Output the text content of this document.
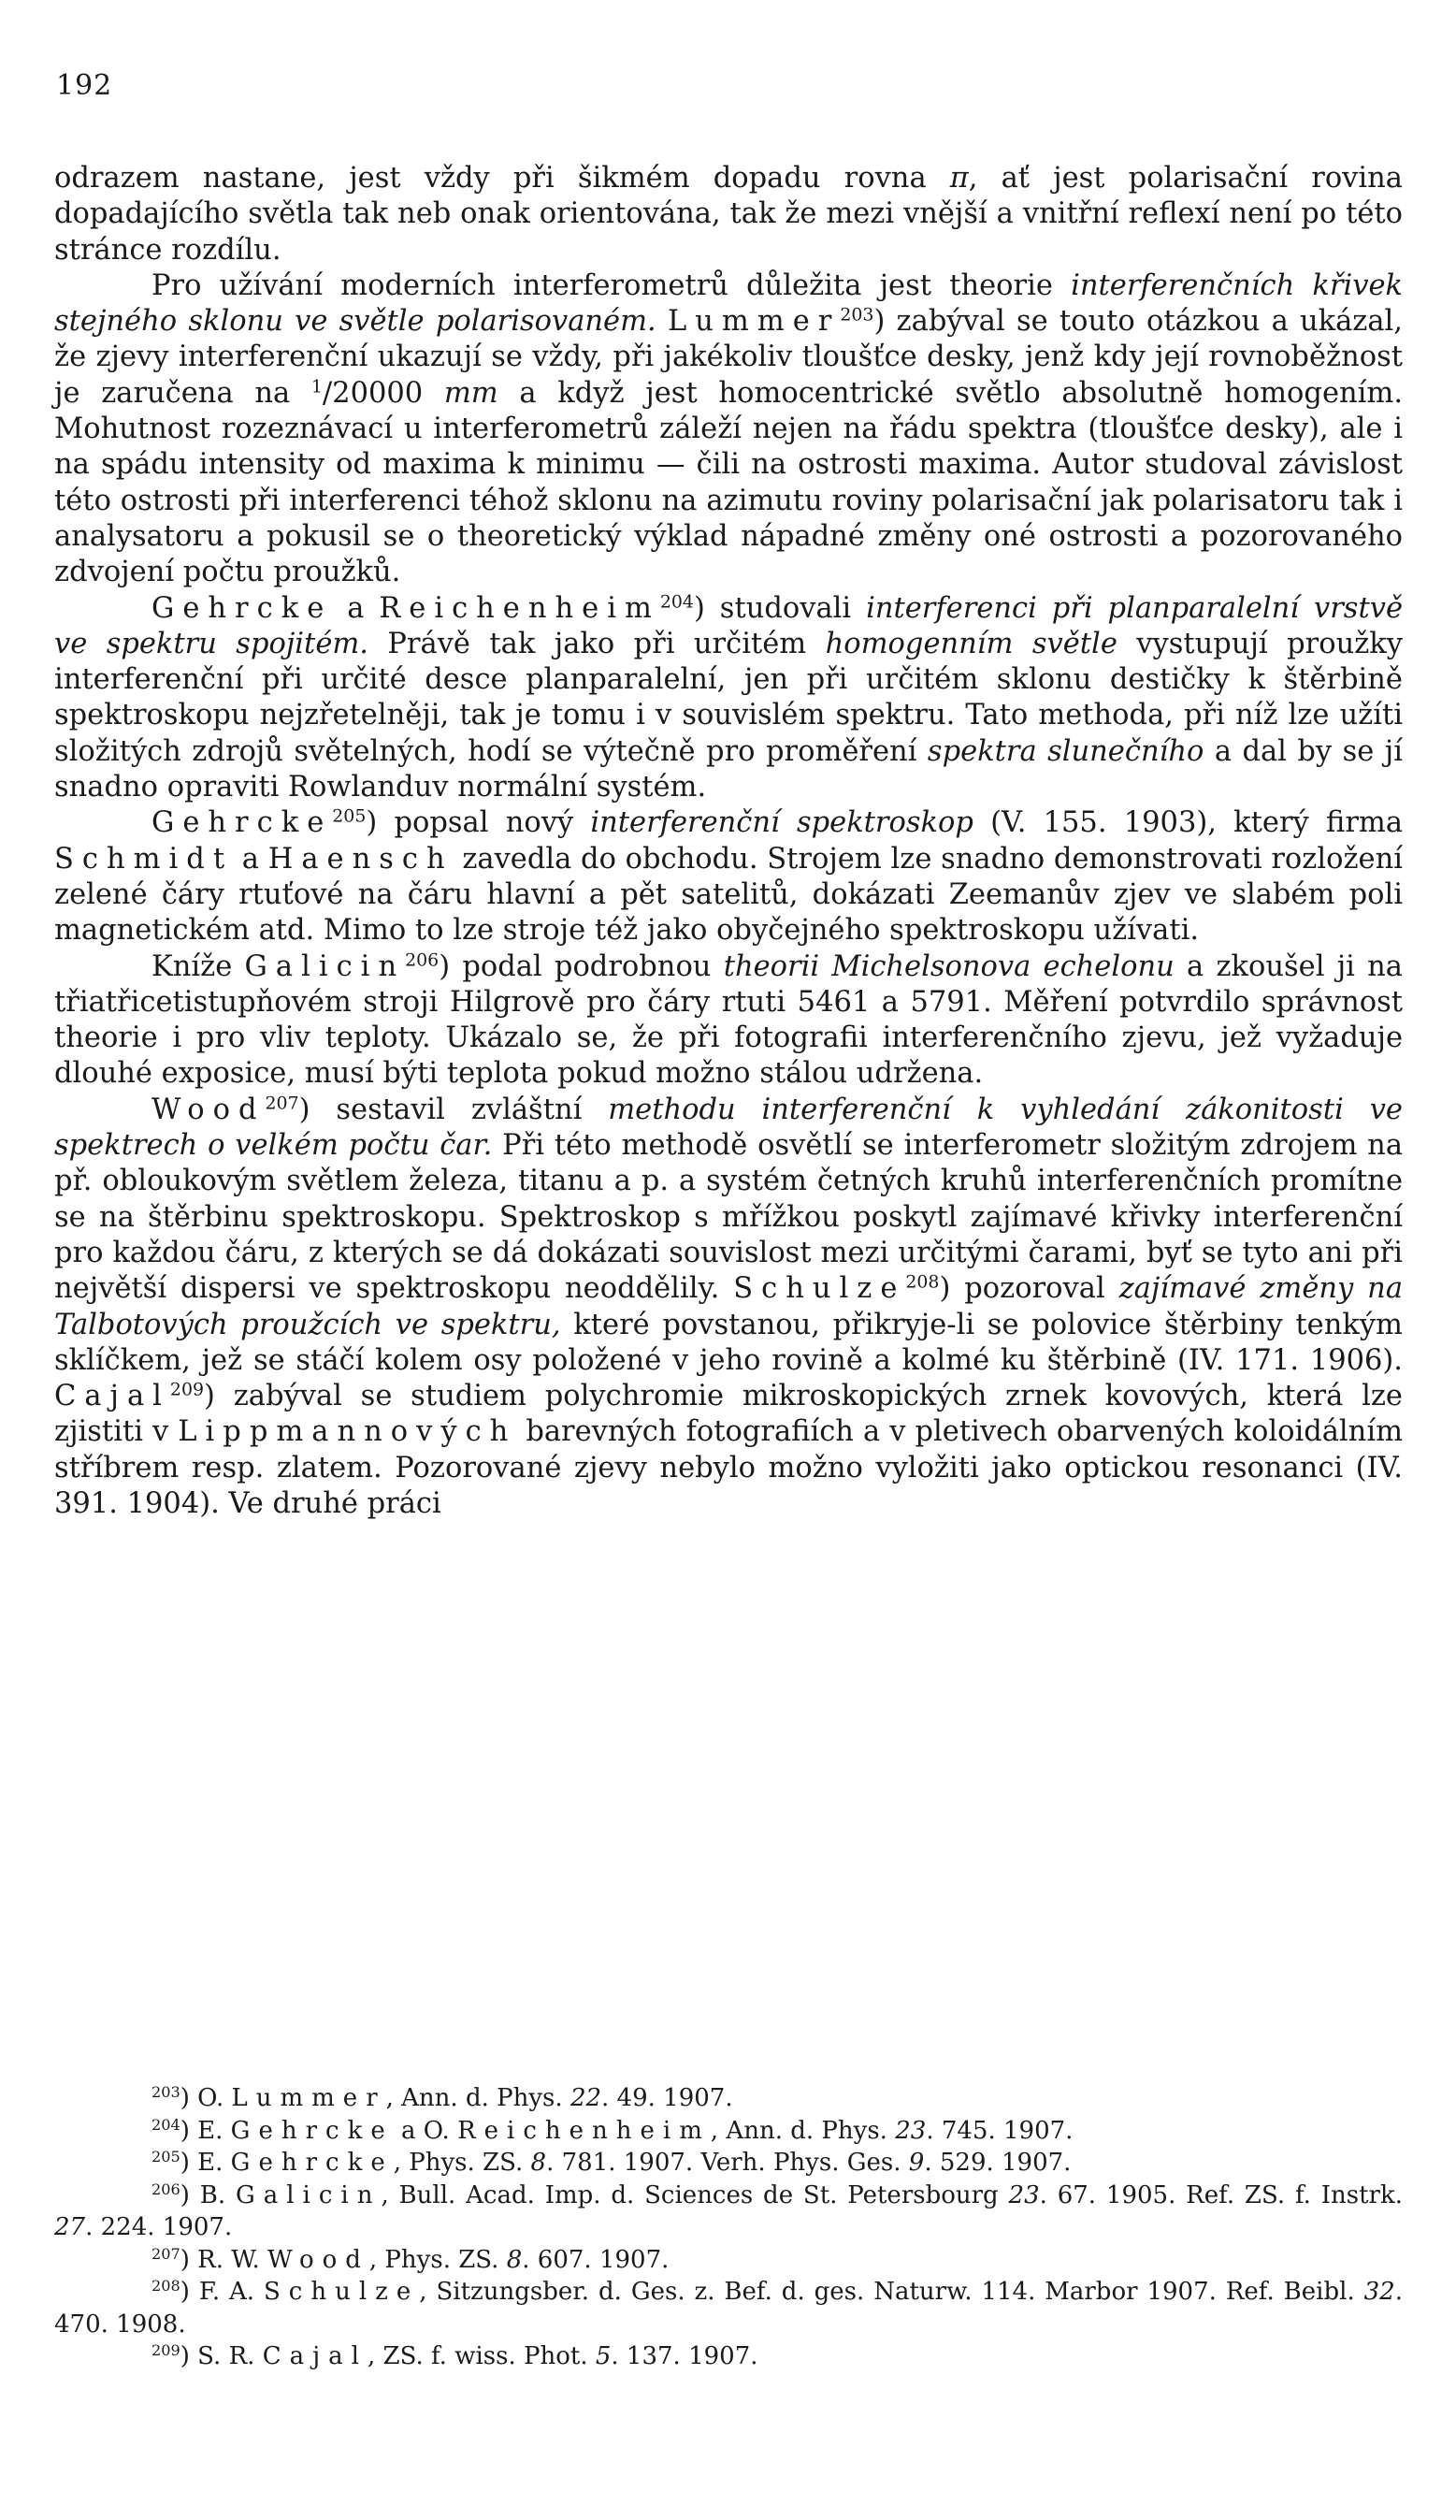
192

odrazem nastane, jest vždy při šikmém dopadu rovna π, ať jest polarisační rovina dopadajícího světla tak neb onak orientována, tak že mezi vnější a vnitřní reflexí není po této stránce rozdílu.

Pro užívání moderních interferometrů důležita jest theorie interferenčních křivek stejného sklonu ve světle polarisovaném. Lummer$^{203}$) zabýval se touto otázkou a ukázal, že zjevy interferenční ukazují se vždy, při jakékoliv tloušťce desky, jenž kdy její rovnoběžnost je zaručena na $^1$/20000 mm a když jest homocentrické světlo absolutně homogením. Mohutnost rozeznávací u interferometrů záleží nejen na řádu spektra (tloušťce desky), ale i na spádu intensity od maxima k minimu — čili na ostrosti maxima. Autor studoval závislost této ostrosti při interferenci téhož sklonu na azimutu roviny polarisační jak polarisatoru tak i analysatoru a pokusil se o theoretický výklad nápadné změny oné ostrosti a pozorovaného zdvojení počtu proužků.

Gehrcke a Reichenheim$^{204}$) studovali interferenci při planparalelní vrstvě ve spektru spojitém. Právě tak jako při určitém homogenním světle vystupují proužky interferenční při určité desce planparalelní, jen při určitém sklonu destičky k štěrbině spektroskopu nejzřetelněji, tak je tomu i v souvislém spektru. Tato methoda, při níž lze užíti složitých zdrojů světelných, hodí se výtečně pro proměření spektra slunečního a dal by se jí snadno opraviti Rowlanduv normální systém.

Gehrcke$^{205}$) popsal nový interferenční spektroskop (V. 155. 1903), který firma Schmidt a Haensch zavedla do obchodu. Strojem lze snadno demonstrovati rozložení zelené čáry rtuťové na čáru hlavní a pět satelitů, dokázati Zeemanův zjev ve slabém poli magnetickém atd. Mimo to lze stroje též jako obyčejného spektroskopu užívati.

Kníže Galicin$^{206}$) podal podrobnou theorii Michelsonova echelonu a zkoušel ji na třiatřicetistupňovém stroji Hilgrově pro čáry rtuti 5461 a 5791. Měření potvrdilo správnost theorie i pro vliv teploty. Ukázalo se, že při fotografii interferenčního zjevu, jež vyžaduje dlouhé exposice, musí býti teplota pokud možno stálou udržena.

Wood$^{207}$) sestavil zvláštní methodu interferenční k vyhledání zákonitosti ve spektrech o velkém počtu čar. Při této methodě osvětlí se interferometr složitým zdrojem na př. obloukovým světlem železa, titanu a p. a systém četných kruhů interferenčních promítne se na štěrbinu spektroskopu. Spektroskop s mřížkou poskytl zajímavé křivky interferenční pro každou čáru, z kterých se dá dokázati souvislost mezi určitými čarami, byť se tyto ani při největší dispersi ve spektroskopu neoddělily. Schulze$^{208}$) pozoroval zajímavé změny na Talbotových proužcích ve spektru, které povstanou, přikryje-li se polovice štěrbiny tenkým sklíčkem, jež se stáčí kolem osy položené v jeho rovině a kolmé ku štěrbině (IV. 171. 1906). Cajal$^{209}$) zabýval se studiem polychromie mikroskopických zrnek kovových, která lze zjistiti v Lippmannových barevných fotografiích a v pletivech obarvených koloidálním stříbrem resp. zlatem. Pozorované zjevy nebylo možno vyložiti jako optickou resonanci (IV. 391. 1904). Ve druhé práci

$^{203}$) O. Lummer, Ann. d. Phys. 22. 49. 1907.

$^{204}$) E. Gehrcke a O. Reichenheim, Ann. d. Phys. 23. 745. 1907.

$^{205}$) E. Gehrcke, Phys. ZS. 8. 781. 1907. Verh. Phys. Ges. 9. 529. 1907.

$^{206}$) B. Galicin, Bull. Acad. Imp. d. Sciences de St. Petersbourg 23. 67. 1905. Ref. ZS. f. Instrk. 27. 224. 1907.

$^{207}$) R. W. Wood, Phys. ZS. 8. 607. 1907.

$^{208}$) F. A. Schulze, Sitzungsber. d. Ges. z. Bef. d. ges. Naturw. 114. Marbor 1907. Ref. Beibl. 32. 470. 1908.

$^{209}$) S. R. Cajal, ZS. f. wiss. Phot. 5. 137. 1907.
